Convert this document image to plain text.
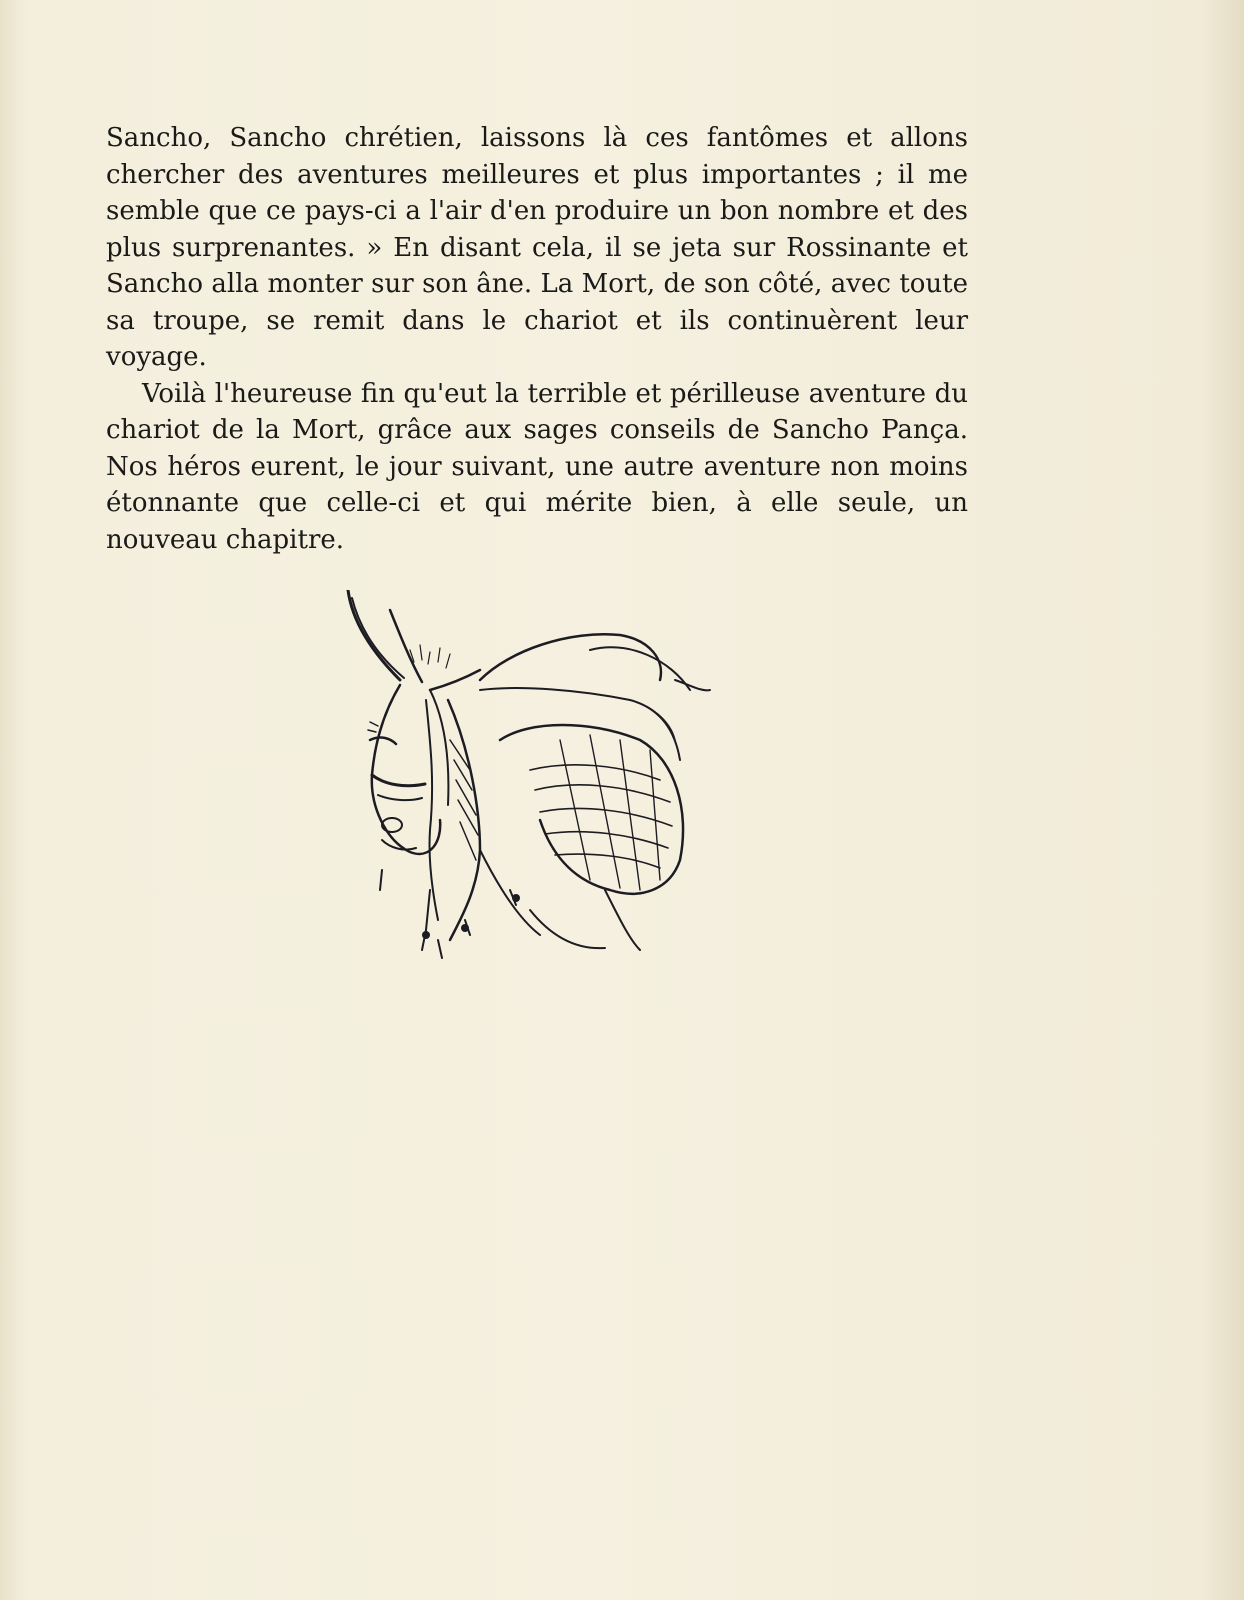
Sancho, Sancho chrétien, laissons là ces fantômes et allons chercher des aventures meilleures et plus importantes ; il me semble que ce pays-ci a l'air d'en produire un bon nombre et des plus surprenantes. » En disant cela, il se jeta sur Rossinante et Sancho alla monter sur son âne. La Mort, de son côté, avec toute sa troupe, se remit dans le chariot et ils continuèrent leur voyage.

Voilà l'heureuse fin qu'eut la terrible et périlleuse aventure du chariot de la Mort, grâce aux sages conseils de Sancho Pança. Nos héros eurent, le jour suivant, une autre aventure non moins étonnante que celle-ci et qui mérite bien, à elle seule, un nouveau chapitre.
